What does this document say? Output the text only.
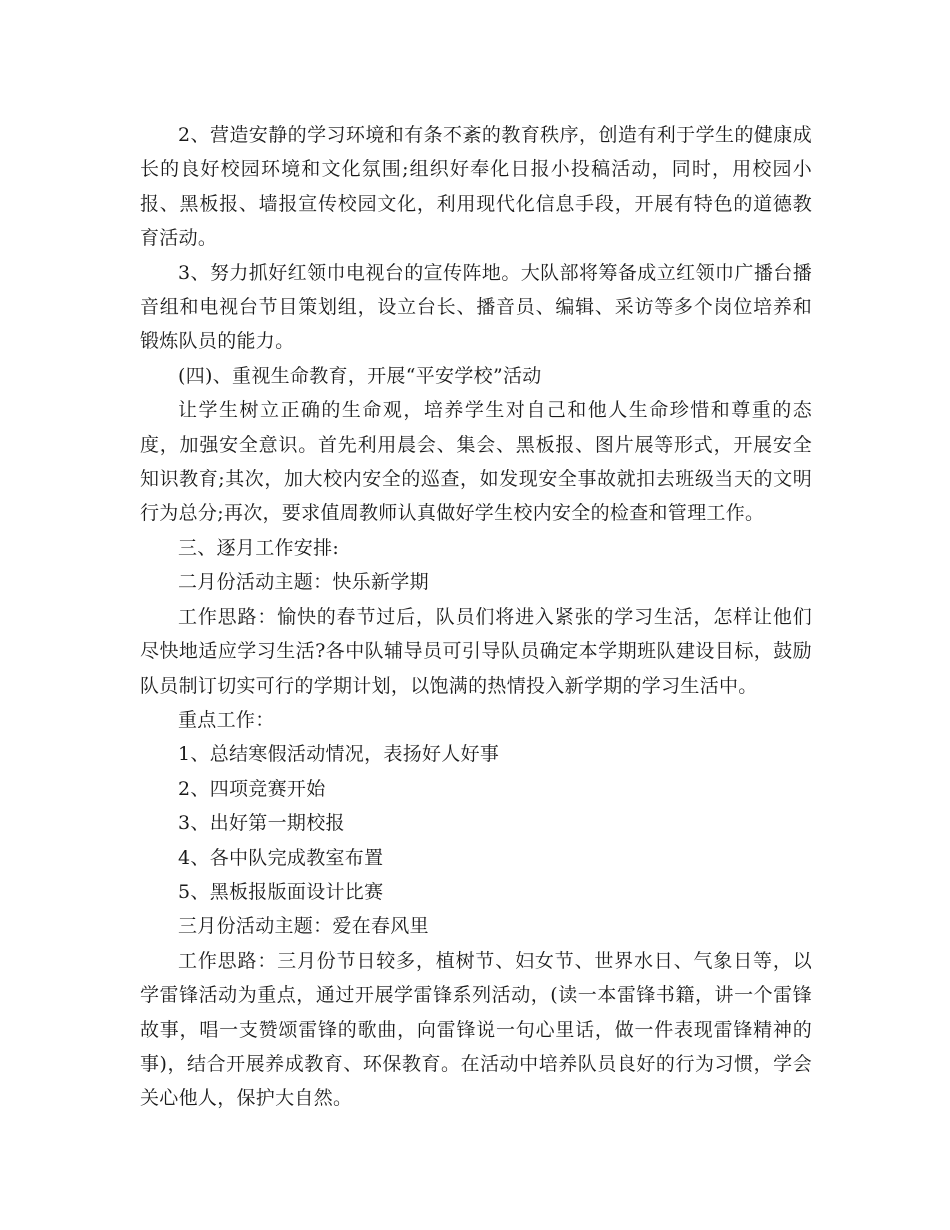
2、营造安静的学习环境和有条不紊的教育秩序，创造有利于学生的健康成长的良好校园环境和文化氛围;组织好奉化日报小投稿活动，同时，用校园小报、黑板报、墙报宣传校园文化，利用现代化信息手段，开展有特色的道德教育活动。

3、努力抓好红领巾电视台的宣传阵地。大队部将筹备成立红领巾广播台播音组和电视台节目策划组，设立台长、播音员、编辑、采访等多个岗位培养和锻炼队员的能力。

(四)、重视生命教育，开展“平安学校”活动

让学生树立正确的生命观，培养学生对自己和他人生命珍惜和尊重的态度，加强安全意识。首先利用晨会、集会、黑板报、图片展等形式，开展安全知识教育;其次，加大校内安全的巡查，如发现安全事故就扣去班级当天的文明行为总分;再次，要求值周教师认真做好学生校内安全的检查和管理工作。

三、逐月工作安排:

二月份活动主题：快乐新学期

工作思路：愉快的春节过后，队员们将进入紧张的学习生活，怎样让他们尽快地适应学习生活?各中队辅导员可引导队员确定本学期班队建设目标，鼓励队员制订切实可行的学期计划，以饱满的热情投入新学期的学习生活中。

重点工作：

1、总结寒假活动情况，表扬好人好事

2、四项竞赛开始

3、出好第一期校报

4、各中队完成教室布置

5、黑板报版面设计比赛

三月份活动主题：爱在春风里

工作思路：三月份节日较多，植树节、妇女节、世界水日、气象日等，以学雷锋活动为重点，通过开展学雷锋系列活动，(读一本雷锋书籍，讲一个雷锋故事，唱一支赞颂雷锋的歌曲，向雷锋说一句心里话，做一件表现雷锋精神的事)，结合开展养成教育、环保教育。在活动中培养队员良好的行为习惯，学会关心他人，保护大自然。
